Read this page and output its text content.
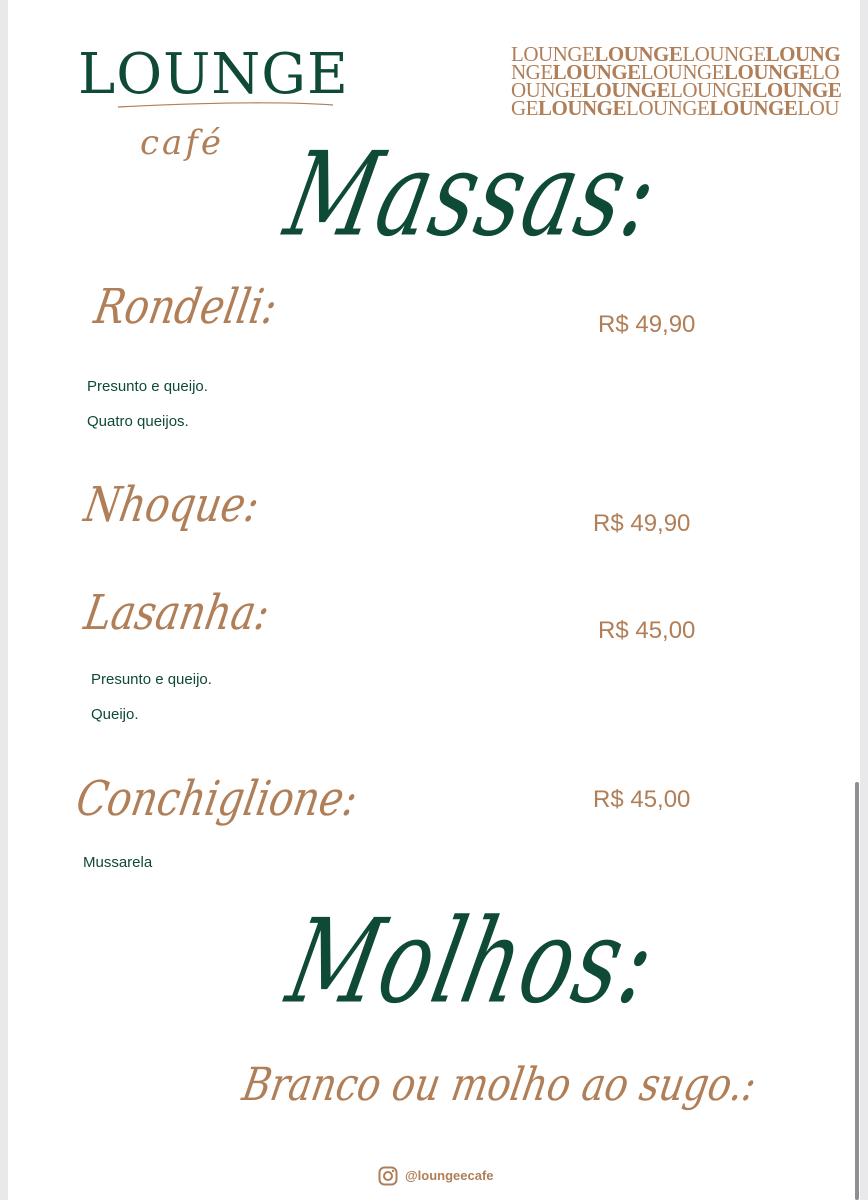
LOUNGE
café
LOUNGELOUNGELOUNGELOUNG
NGELOUNGELOUNGELOUNGELO
OUNGELOUNGELOUNGELOUNGE
GELOUNGELOUNGELOUNGELOU
Massas:
Rondelli:	R$ 49,90
Presunto e queijo.
Quatro queijos.
Nhoque:	R$ 49,90
Lasanha:	R$ 45,00
Presunto e queijo.
Queijo.
Conchiglione:	R$ 45,00
Mussarela
Molhos:
Branco ou molho ao sugo.:
@loungeecafe
